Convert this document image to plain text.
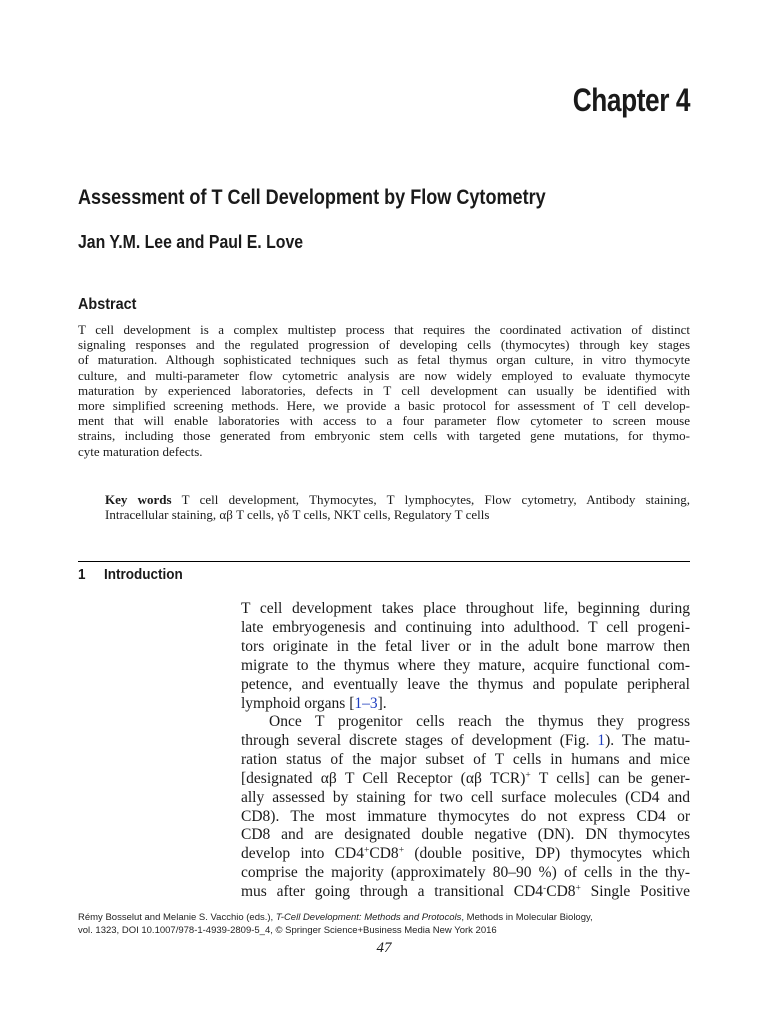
Chapter 4
Assessment of T Cell Development by Flow Cytometry
Jan Y.M. Lee and Paul E. Love
Abstract
T cell development is a complex multistep process that requires the coordinated activation of distinct
signaling responses and the regulated progression of developing cells (thymocytes) through key stages
of maturation. Although sophisticated techniques such as fetal thymus organ culture, in vitro thymocyte
culture, and multi-parameter flow cytometric analysis are now widely employed to evaluate thymocyte
maturation by experienced laboratories, defects in T cell development can usually be identified with
more simplified screening methods. Here, we provide a basic protocol for assessment of T cell develop-
ment that will enable laboratories with access to a four parameter flow cytometer to screen mouse
strains, including those generated from embryonic stem cells with targeted gene mutations, for thymo-
cyte maturation defects.
Key words T cell development, Thymocytes, T lymphocytes, Flow cytometry, Antibody staining,
Intracellular staining, αβ T cells, γδ T cells, NKT cells, Regulatory T cells
1 Introduction
T cell development takes place throughout life, beginning during
late embryogenesis and continuing into adulthood. T cell progeni-
tors originate in the fetal liver or in the adult bone marrow then
migrate to the thymus where they mature, acquire functional com-
petence, and eventually leave the thymus and populate peripheral
lymphoid organs [1–3].
Once T progenitor cells reach the thymus they progress
through several discrete stages of development (Fig. 1). The matu-
ration status of the major subset of T cells in humans and mice
[designated αβ T Cell Receptor (αβ TCR)+ T cells] can be gener-
ally assessed by staining for two cell surface molecules (CD4 and
CD8). The most immature thymocytes do not express CD4 or
CD8 and are designated double negative (DN). DN thymocytes
develop into CD4+CD8+ (double positive, DP) thymocytes which
comprise the majority (approximately 80–90 %) of cells in the thy-
mus after going through a transitional CD4-CD8+ Single Positive
Rémy Bosselut and Melanie S. Vacchio (eds.), T-Cell Development: Methods and Protocols, Methods in Molecular Biology,
vol. 1323, DOI 10.1007/978-1-4939-2809-5_4, © Springer Science+Business Media New York 2016
47
